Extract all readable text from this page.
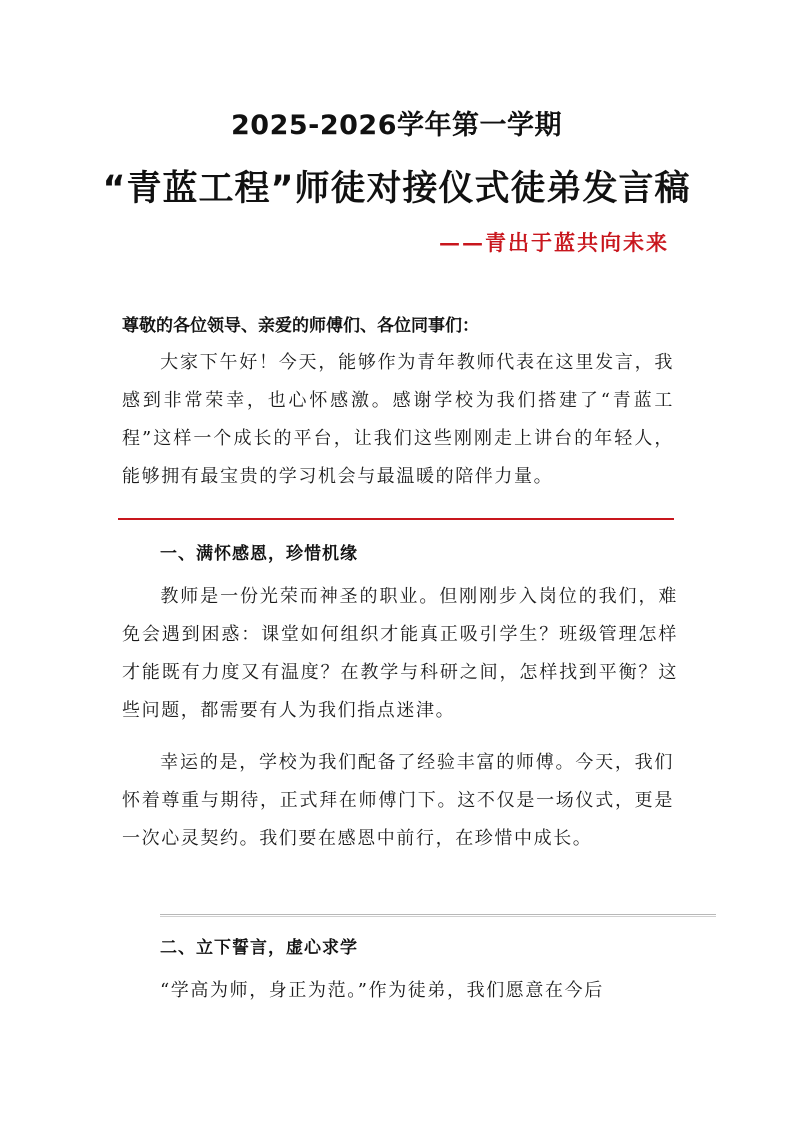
2025-2026学年第一学期
“青蓝工程”师徒对接仪式徒弟发言稿
——青出于蓝共向未来
尊敬的各位领导、亲爱的师傅们、各位同事们：

大家下午好！今天，能够作为青年教师代表在这里发言，我感到非常荣幸，也心怀感激。感谢学校为我们搭建了“青蓝工程”这样一个成长的平台，让我们这些刚刚走上讲台的年轻人，能够拥有最宝贵的学习机会与最温暖的陪伴力量。

一、满怀感恩，珍惜机缘

教师是一份光荣而神圣的职业。但刚刚步入岗位的我们，难免会遇到困惑：课堂如何组织才能真正吸引学生？班级管理怎样才能既有力度又有温度？在教学与科研之间，怎样找到平衡？这些问题，都需要有人为我们指点迷津。

幸运的是，学校为我们配备了经验丰富的师傅。今天，我们怀着尊重与期待，正式拜在师傅门下。这不仅是一场仪式，更是一次心灵契约。我们要在感恩中前行，在珍惜中成长。

二、立下誓言，虚心求学

“学高为师，身正为范。”作为徒弟，我们愿意在今后
